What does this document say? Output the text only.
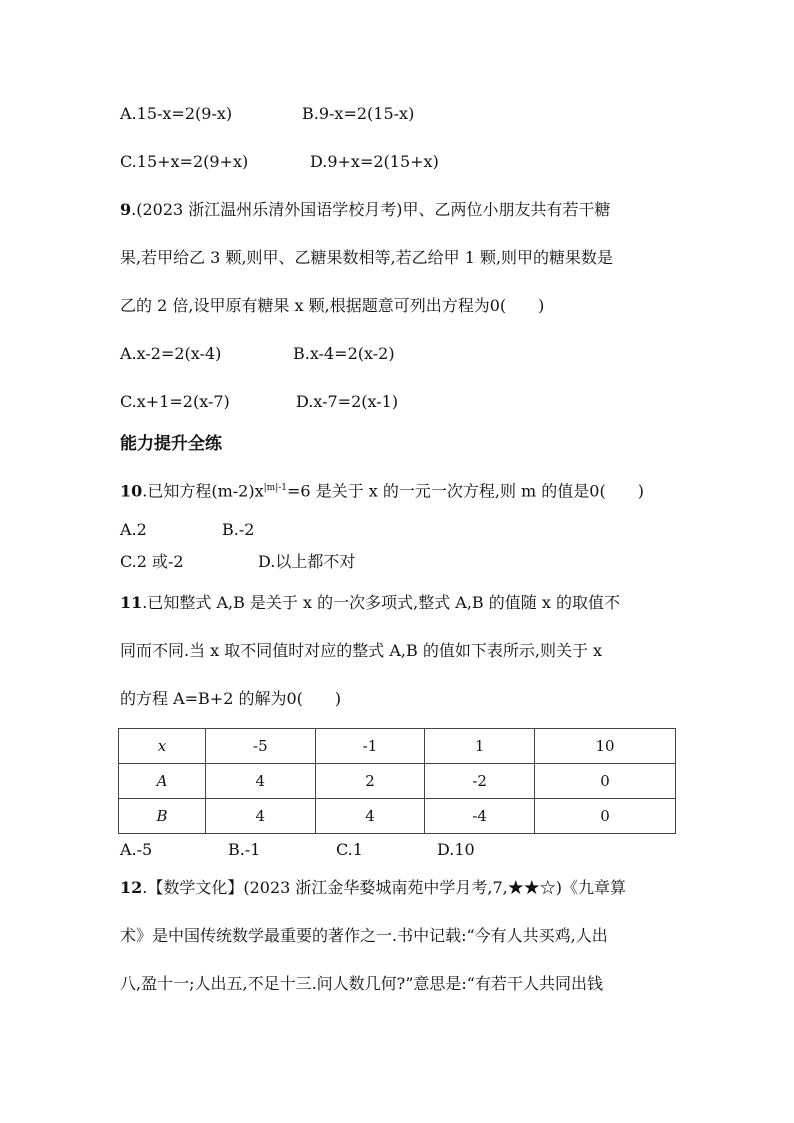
A.15-x=2(9-x)	B.9-x=2(15-x)
C.15+x=2(9+x)	D.9+x=2(15+x)
9.(2023 浙江温州乐清外国语学校月考)甲、乙两位小朋友共有若干糖
果,若甲给乙 3 颗,则甲、乙糖果数相等,若乙给甲 1 颗,则甲的糖果数是
乙的 2 倍,设甲原有糖果 x 颗,根据题意可列出方程为0(　　)
A.x-2=2(x-4)	B.x-4=2(x-2)
C.x+1=2(x-7)	D.x-7=2(x-1)
能力提升全练
10.已知方程$(m-2)x^{|m|-1}=6$ 是关于 x 的一元一次方程,则 m 的值是0(　　)
A.2	B.-2
C.2 或-2	D.以上都不对
11.已知整式 A,B 是关于 x 的一次多项式,整式 A,B 的值随 x 的取值不
同而不同.当 x 取不同值时对应的整式 A,B 的值如下表所示,则关于 x
的方程 A=B+2 的解为0(　　)
x	-5	-1	1	10
A	4	2	-2	0
B	4	4	-4	0
A.-5	B.-1	C.1	D.10
12.【数学文化】(2023 浙江金华婺城南苑中学月考,7,★★☆)《九章算
术》是中国传统数学最重要的著作之一.书中记载:“今有人共买鸡,人出
八,盈十一;人出五,不足十三.问人数几何?”意思是:“有若干人共同出钱
